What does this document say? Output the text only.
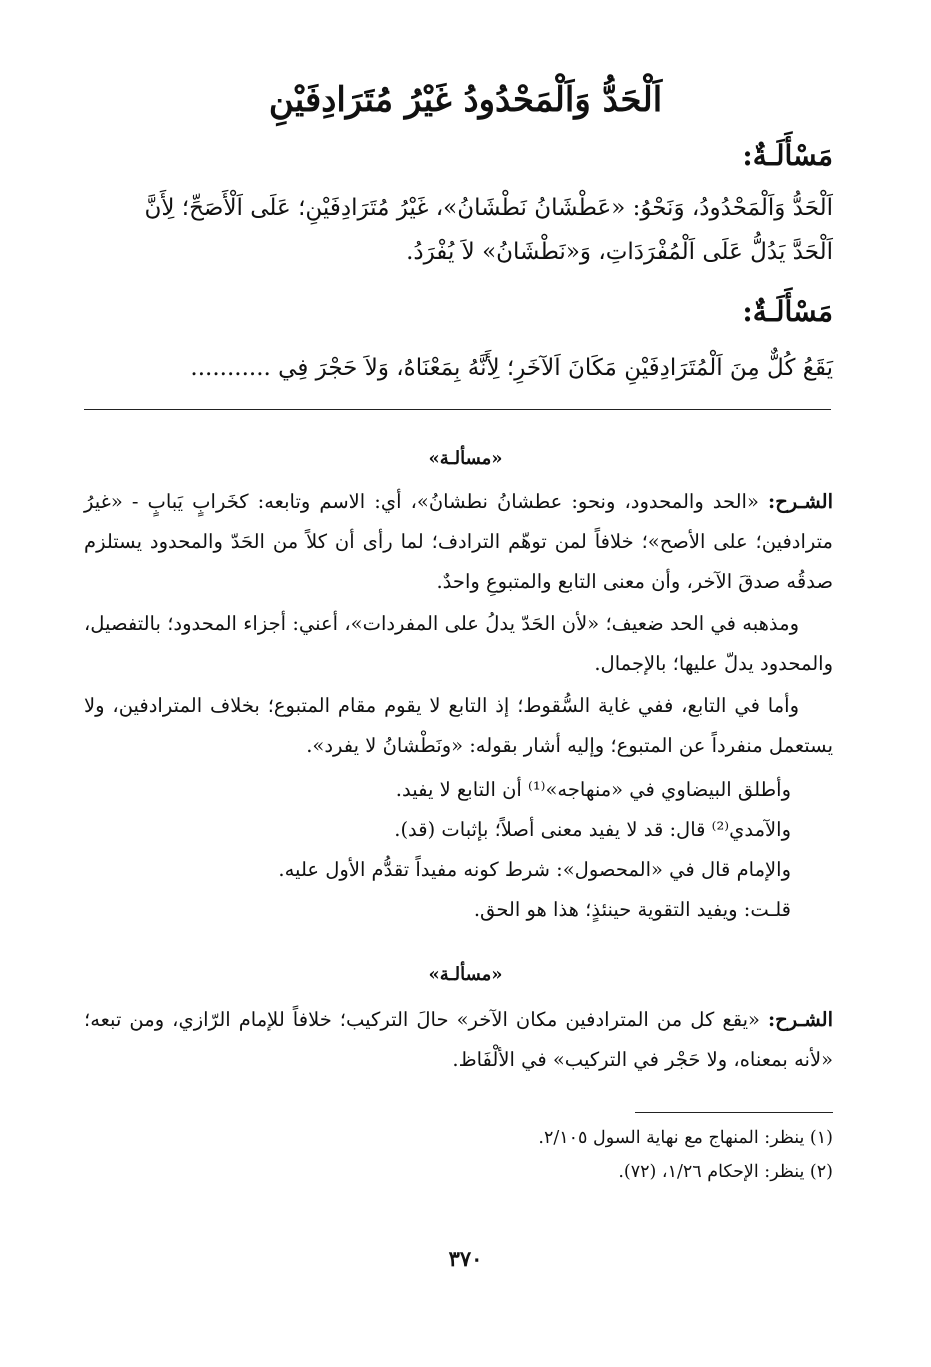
اَلْحَدُّ وَاَلْمَحْدُودُ غَيْرُ مُتَرَادِفَيْنِ
مَسْأَلَـةٌ:
اَلْحَدُّ وَاَلْمَحْدُودُ، وَنَحْوُ: «عَطْشَانُ نَطْشَانُ»، غَيْرُ مُتَرَادِفَيْنِ؛ عَلَى اَلْأَصَحِّ؛ لِأَنَّ
اَلْحَدَّ يَدُلُّ عَلَى اَلْمُفْرَدَاتِ، وَ«نَطْشَانُ» لاَ يُفْرَدُ.
مَسْأَلَـةٌ:
يَقَعُ كُلٌّ مِنَ اَلْمُتَرَادِفَيْنِ مَكَانَ اَلآخَرِ؛ لِأَنَّهُ بِمَعْنَاهُ، وَلاَ حَجْرَ فِي ...........
«مسألـة»
الشـرح: «الحد والمحدود، ونحو: عطشانُ نطشانُ»، أي: الاسم وتابعه: كخَرابٍ يَبابٍ - «غيرُ مترادفين؛ على الأصح»؛ خلافاً لمن توهّم الترادف؛ لما رأى أن كلاً من الحَدّ والمحدود يستلزم صدقُه صدقَ الآخر، وأن معنى التابع والمتبوعِ واحدٌ.
ومذهبه في الحد ضعيف؛ «لأن الحَدّ يدلُ على المفردات»، أعني: أجزاء المحدود؛ بالتفصيل، والمحدود يدلّ عليها؛ بالإجمال.
وأما في التابع، ففي غاية السُّقوط؛ إذ التابع لا يقوم مقام المتبوع؛ بخلاف المترادفين، ولا يستعمل منفرداً عن المتبوع؛ وإليه أشار بقوله: «ونَطْشانُ لا يفرد».
وأطلق البيضاوي في «منهاجه»⁽¹⁾ أن التابع لا يفيد.
والآمدي⁽²⁾ قال: قد لا يفيد معنى أصلاً؛ بإثبات (قد).
والإمام قال في «المحصول»: شرط كونه مفيداً تقدُّم الأول عليه.
قلـت: ويفيد التقوية حينئذٍ؛ هذا هو الحق.
«مسألـة»
الشـرح: «يقع كل من المترادفين مكان الآخر» حالَ التركيب؛ خلافاً للإمام الرّازي، ومن تبعه؛ «لأنه بمعناه، ولا حَجْر في التركيب» في الألْفَاظ.
(١) ينظر: المنهاج مع نهاية السول ٢/١٠٥.
(٢) ينظر: الإحكام ١/٢٦، (٧٢).
٣٧٠
